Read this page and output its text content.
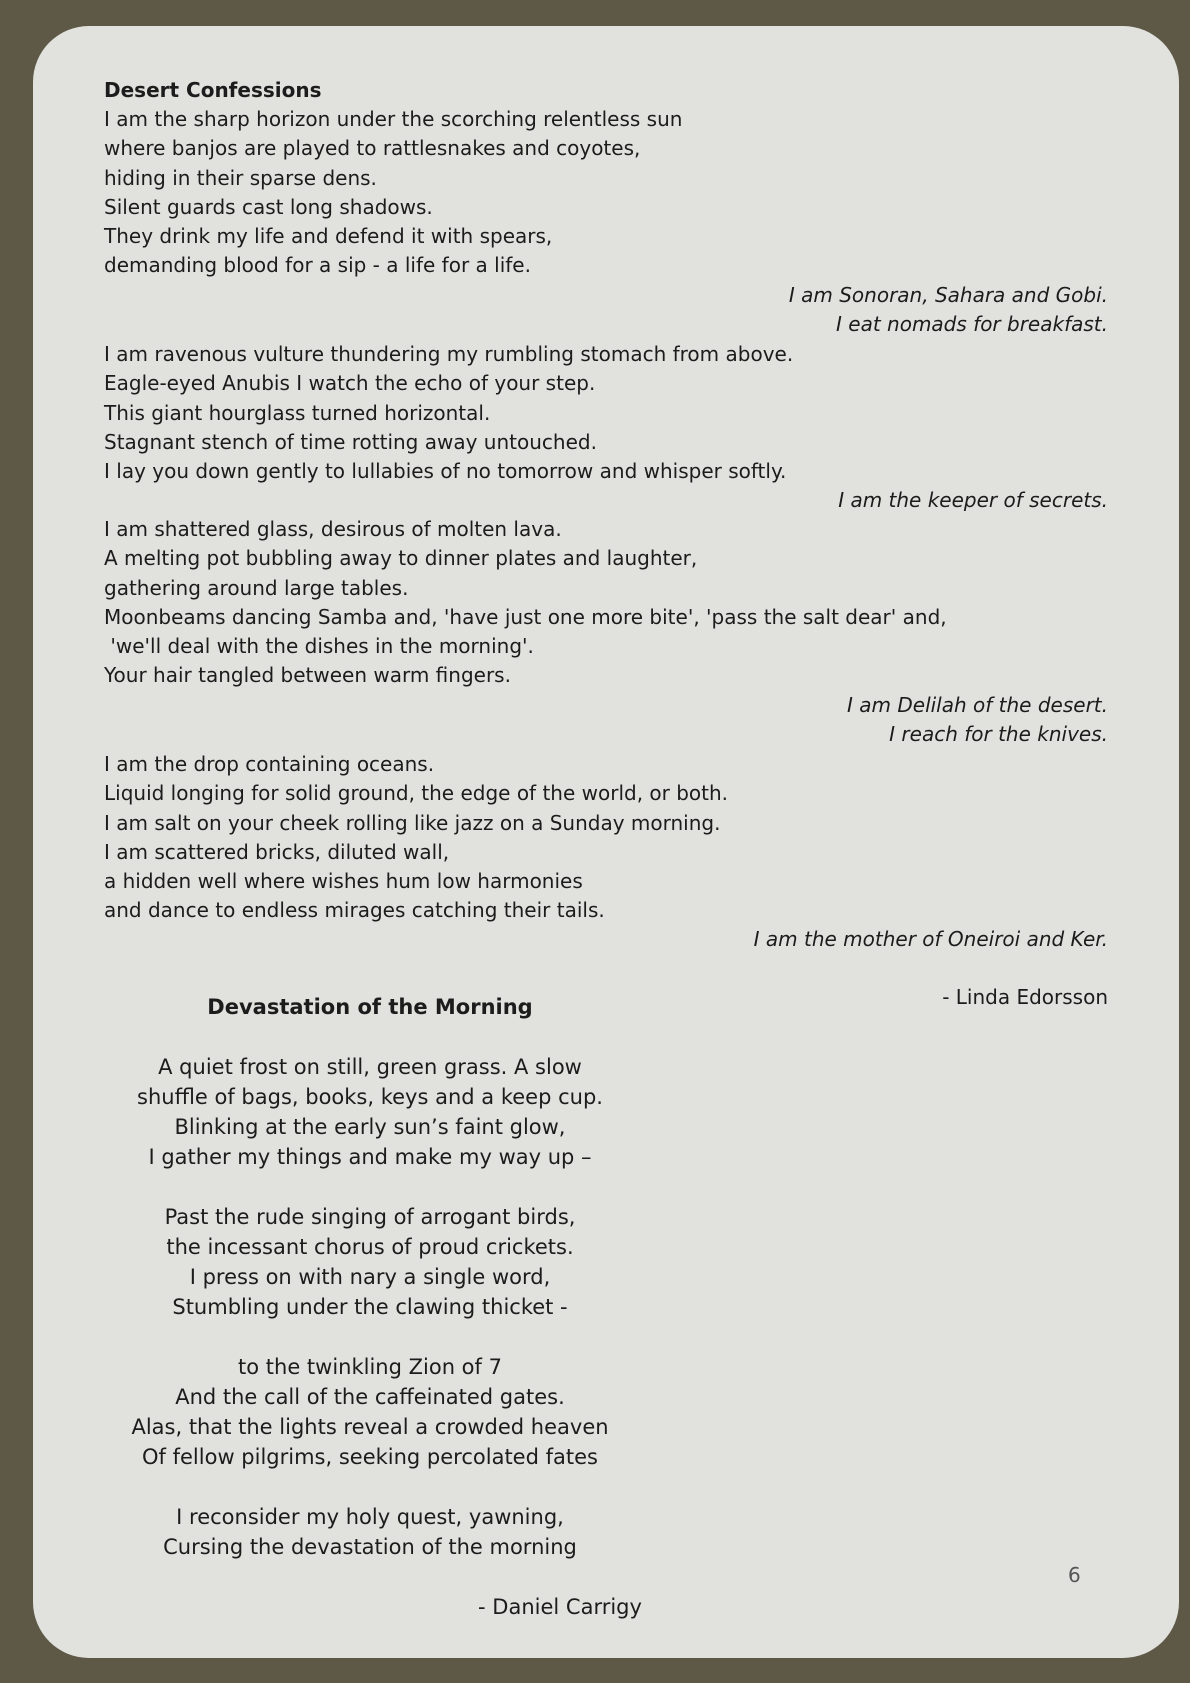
Desert Confessions
I am the sharp horizon under the scorching relentless sun
where banjos are played to rattlesnakes and coyotes,
hiding in their sparse dens.
Silent guards cast long shadows.
They drink my life and defend it with spears,
demanding blood for a sip - a life for a life.
I am Sonoran, Sahara and Gobi.
I eat nomads for breakfast.
I am ravenous vulture thundering my rumbling stomach from above.
Eagle-eyed Anubis I watch the echo of your step.
This giant hourglass turned horizontal.
Stagnant stench of time rotting away untouched.
I lay you down gently to lullabies of no tomorrow and whisper softly.
I am the keeper of secrets.
I am shattered glass, desirous of molten lava.
A melting pot bubbling away to dinner plates and laughter,
gathering around large tables.
Moonbeams dancing Samba and, 'have just one more bite', 'pass the salt dear' and,
'we'll deal with the dishes in the morning'.
Your hair tangled between warm fingers.
I am Delilah of the desert.
I reach for the knives.
I am the drop containing oceans.
Liquid longing for solid ground, the edge of the world, or both.
I am salt on your cheek rolling like jazz on a Sunday morning.
I am scattered bricks, diluted wall,
a hidden well where wishes hum low harmonies
and dance to endless mirages catching their tails.
I am the mother of Oneiroi and Ker.
- Linda Edorsson
Devastation of the Morning
A quiet frost on still, green grass. A slow
shuffle of bags, books, keys and a keep cup.
Blinking at the early sun’s faint glow,
I gather my things and make my way up –
Past the rude singing of arrogant birds,
the incessant chorus of proud crickets.
I press on with nary a single word,
Stumbling under the clawing thicket -
to the twinkling Zion of 7
And the call of the caffeinated gates.
Alas, that the lights reveal a crowded heaven
Of fellow pilgrims, seeking percolated fates
I reconsider my holy quest, yawning,
Cursing the devastation of the morning
- Daniel Carrigy
6
